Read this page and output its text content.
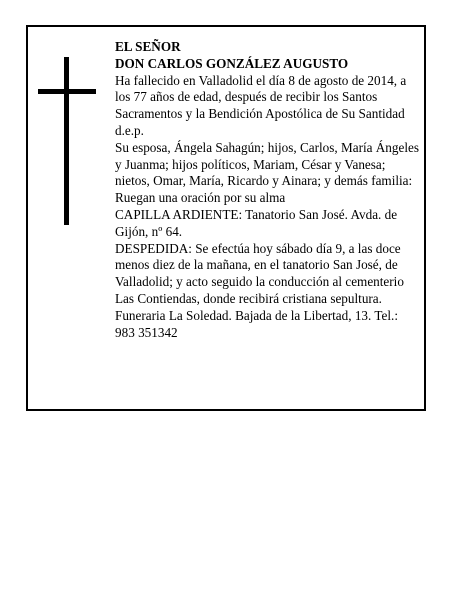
EL SEÑOR

DON CARLOS GONZÁLEZ AUGUSTO

Ha fallecido en Valladolid el día 8 de agosto de 2014, a los 77 años de edad, después de recibir los Santos Sacramentos y la Bendición Apostólica de Su Santidad d.e.p.

Su esposa, Ángela Sahagún; hijos, Carlos, María Ángeles y Juanma; hijos políticos, Mariam, César y Vanesa; nietos, Omar, María, Ricardo y Ainara; y demás familia:

Ruegan una oración por su alma

CAPILLA ARDIENTE: Tanatorio San José. Avda. de Gijón, nº 64.

DESPEDIDA: Se efectúa hoy sábado día 9, a las doce menos diez de la mañana, en el tanatorio San José, de Valladolid; y acto seguido la conducción al cementerio Las Contiendas, donde recibirá cristiana sepultura.

Funeraria La Soledad. Bajada de la Libertad, 13. Tel.: 983 351342
